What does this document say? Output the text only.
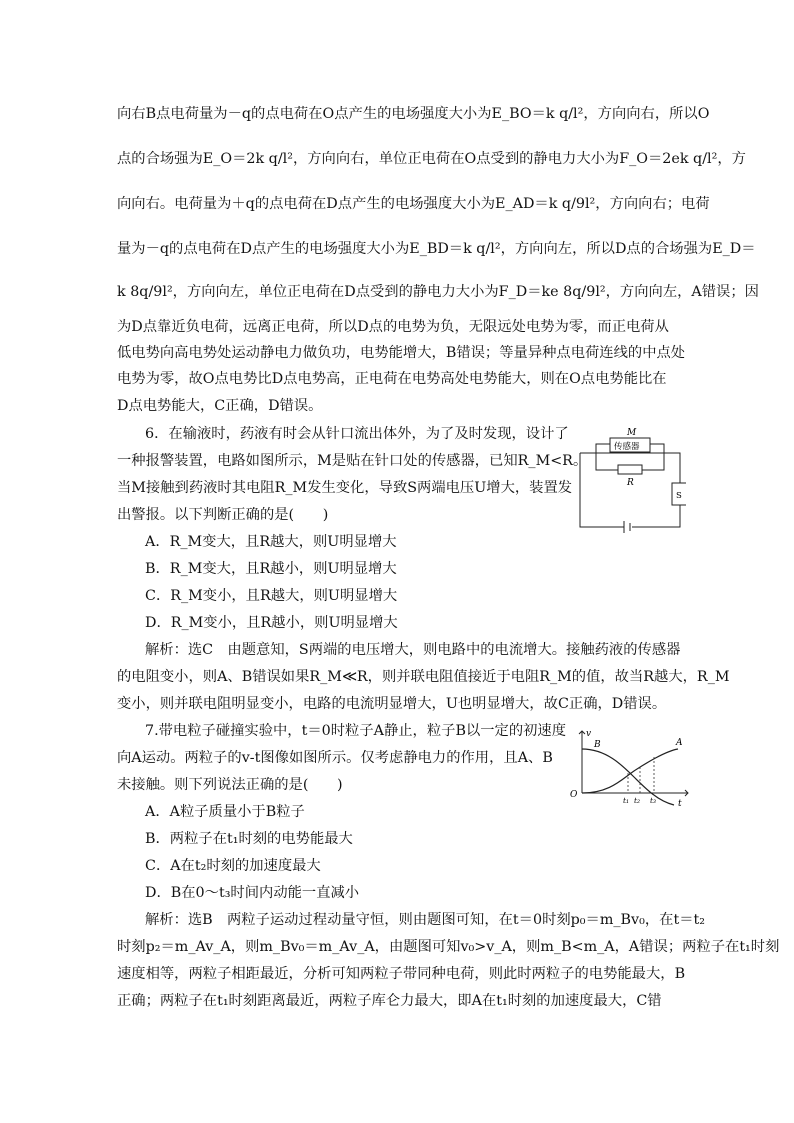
向右B点电荷量为－q的点电荷在O点产生的电场强度大小为E_BO＝k q/l²，方向向右，所以O
点的合场强为E_O＝2k q/l²，方向向右，单位正电荷在O点受到的静电力大小为F_O＝2ek q/l²，方
向向右。电荷量为＋q的点电荷在D点产生的电场强度大小为E_AD＝k q/9l²，方向向右；电荷
量为－q的点电荷在D点产生的电场强度大小为E_BD＝k q/l²，方向向左，所以D点的合场强为E_D＝
k 8q/9l²，方向向左，单位正电荷在D点受到的静电力大小为F_D＝ke 8q/9l²，方向向左，A错误；因
为D点靠近负电荷，远离正电荷，所以D点的电势为负，无限远处电势为零，而正电荷从
低电势向高电势处运动静电力做负功，电势能增大，B错误；等量异种点电荷连线的中点处
电势为零，故O点电势比D点电势高，正电荷在电势高处电势能大，则在O点电势能比在
D点电势能大，C正确，D错误。
6．在输液时，药液有时会从针口流出体外，为了及时发现，设计了
一种报警装置，电路如图所示，M是贴在针口处的传感器，已知R_M<R。
当M接触到药液时其电阻R_M发生变化，导致S两端电压U增大，装置发
出警报。以下判断正确的是(　　)
A．R_M变大，且R越大，则U明显增大
B．R_M变大，且R越小，则U明显增大
C．R_M变小，且R越大，则U明显增大
D．R_M变小，且R越小，则U明显增大
解析：选C　由题意知，S两端的电压增大，则电路中的电流增大。接触药液的传感器
的电阻变小，则A、B错误如果R_M≪R，则并联电阻值接近于电阻R_M的值，故当R越大，R_M
变小，则并联电阻明显变小，电路的电流明显增大，U也明显增大，故C正确，D错误。
7.带电粒子碰撞实验中，t＝0时粒子A静止，粒子B以一定的初速度
向A运动。两粒子的v-t图像如图所示。仅考虑静电力的作用，且A、B
未接触。则下列说法正确的是(　　)
A．A粒子质量小于B粒子
B．两粒子在t₁时刻的电势能最大
C．A在t₂时刻的加速度最大
D．B在0～t₃时间内动能一直减小
解析：选B　两粒子运动过程动量守恒，则由题图可知，在t＝0时刻p₀＝m_Bv₀，在t＝t₂
时刻p₂＝m_Av_A，则m_Bv₀＝m_Av_A，由题图可知v₀>v_A，则m_B<m_A，A错误；两粒子在t₁时刻
速度相等，两粒子相距最近，分析可知两粒子带同种电荷，则此时两粒子的电势能最大，B
正确；两粒子在t₁时刻距离最近，两粒子库仑力最大，即A在t₁时刻的加速度最大，C错
M
传感器
R
S
v
t
O
A
B
t₁ t₂ t₃
